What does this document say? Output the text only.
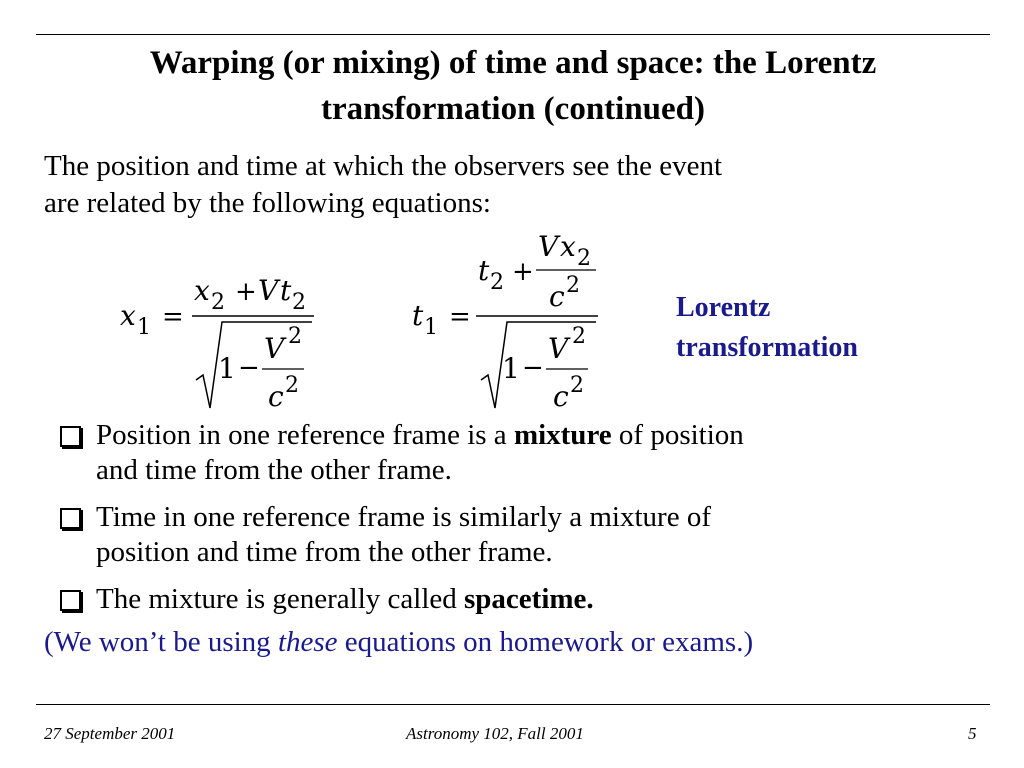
Warping (or mixing) of time and space: the Lorentz
transformation (continued)
The position and time at which the observers see the event
are related by the following equations:
x 1 =
x 2 + V t 2
1 −
V 2
c 2
t 1 =
t 2 +
V x 2
c 2
1 −
V 2
c 2
Lorentz
transformation
Position in one reference frame is a mixture of position
and time from the other frame.
Time in one reference frame is similarly a mixture of
position and time from the other frame.
The mixture is generally called spacetime.
(We won’t be using these equations on homework or exams.)
27 September 2001	Astronomy 102, Fall 2001	5
